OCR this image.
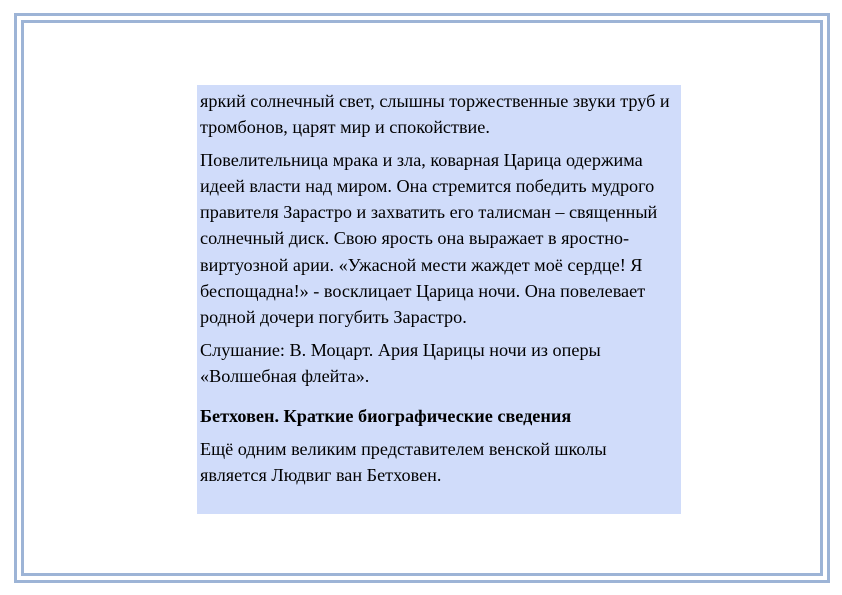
яркий солнечный свет, слышны торжественные звуки труб и тромбонов, царят мир и спокойствие.

Повелительница мрака и зла, коварная Царица одержима идеей власти над миром. Она стремится победить мудрого правителя Зарастро и захватить его талисман – священный солнечный диск. Свою ярость она выражает в яростно-виртуозной арии. «Ужасной мести жаждет моё сердце! Я беспощадна!» - восклицает Царица ночи. Она повелевает родной дочери погубить Зарастро.

Слушание: В. Моцарт. Ария Царицы ночи из оперы «Волшебная флейта».

Бетховен. Краткие биографические сведения

Ещё одним великим представителем венской школы является Людвиг ван Бетховен.
